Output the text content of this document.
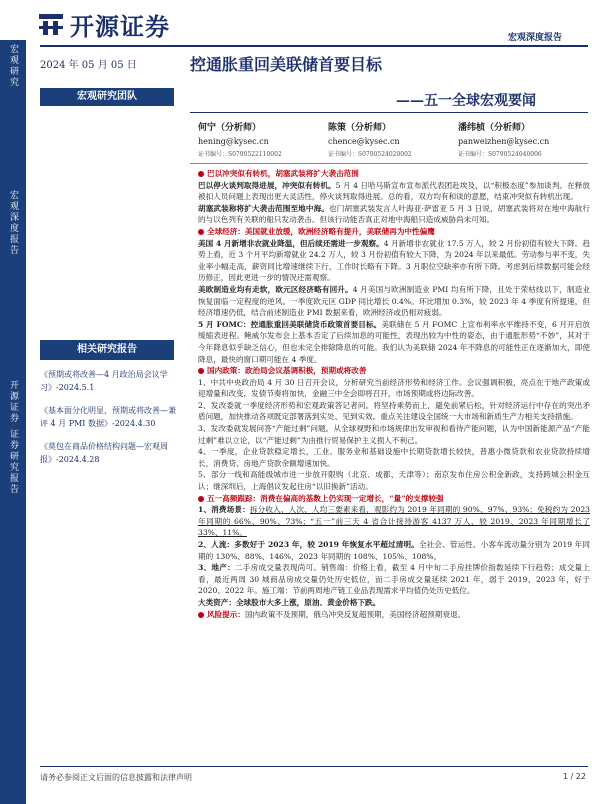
开源证券	宏观深度报告
宏观研究
宏观深度报告
开源证券 证券研究报告
2024 年 05 月 05 日
宏观研究团队
相关研究报告
《预期或将改善—4 月政治局会议学习》-2024.5.1
《基本面分化明显，预期或将改善—兼评 4 月 PMI 数据》-2024.4.30
《莫包在商品价格结构问题—宏观周报》-2024.4.28
控通胀重回美联储首要目标
——五一全球宏观要闻
何宁（分析师）
hening@kysec.cn
证书编号：S0790522110002
陈策（分析师）
chence@kysec.cn
证书编号：S0790524020002
潘纬桢（分析师）
panweizhen@kysec.cn
证书编号：S0790524040006

巴以冲突似有转机，胡塞武装将扩大袭击范围

巴以停火谈判取得进展，冲突似有转机。5 月 4 日哈马斯宣布宣布派代表团赴埃及，以“积极态度”参加谈判。在释放被扣人员问题上表现出更大灵活性，停火谈判取得进展。总的看，双方均有和谈的意愿，结束冲突似有转机出现。

胡塞武装称将扩大袭击范围至地中海。也门胡塞武装发言人叶海亚·萨雷亚 5 月 3 日说，胡塞武装将对在地中海航行的与以色列有关联的船只发动袭击。但该行动能否真正对地中海船只造成威胁尚未可知。

全球经济：美国就业放缓，欧洲经济略有提升，美联储再为中性偏鹰

美国 4 月新增非农就业降温，但后续还需进一步观察。4 月新增非农就业 17.5 万人，较 2 月份初值有较大下降。趋势上看，近 3 个月平均新增就业 24.2 万人，较 3 月份初值有较大下降，为 2024 年以来最低。劳动参与率不变，失业率小幅走高，薪资同比增速继续下行，工作时长略有下降。3 月职位空缺率亦有所下降。考虑到后续数据可能会经历修正，因此更进一步的情况还需观察。

美欧制造业均有走软，欧元区经济略有回升。4 月美国与欧洲制造业 PMI 均有所下降，且处于荣枯线以下，制造业恢复面临一定程度的逆风。一季度欧元区 GDP 同比增长 0.4%。环比增加 0.3%，较 2023 年 4 季度有所提速，但经济增速仍低，结合前述制造业 PMI 数据来看，欧洲经济或仍相对疲弱。

5 月 FOMC：控通胀重回美联储货币政策首要目标。美联储在 5 月 FOMC 上宣布利率水平维持不变，6 月开启放缓缩表进程。鲍威尔发布会上基本否定了后续加息的可能性，表现出较为中性的姿态，由于通胀形势“不妙”，其对于今年降息似乎缺乏信心，但也未完全排除降息的可能。我们认为美联储 2024 年不降息的可能性正在逐渐加大，即使降息，最快的窗口期可能在 4 季度。

国内政策：政治局会议基调积极，预期或将改善

1、中共中央政治局 4 月 30 日召开会议，分析研究当前经济形势和经济工作。会议强调积极，亮点在于地产政策或迎增量和改变，发债节奏将加快，金融三中全会即将召开，市场预期或将边际改善。

2、发改委就一季度经济形势和宏观政策答记者问。将坚持乘势而上，避免前紧后松，针对经济运行中存在的突出矛盾问题，加快推动各项既定部署落到实处、见到实效。重点关注建设全国统一大市场和新质生产力相关支持措施。

3、发改委就发展问答“产能过剩”问题。从全球视野和市场规律出发审视和看待产能问题，认为中国新能源产品“产能过剩”难以立论，以“产能过剩”为由推行贸易保护主义损人不利己。

4、一季度，企业贷款稳定增长，工业、服务业和基础设施中长期贷款增长较快，普惠小微贷款和农业贷款持续增长，消费贷、房地产贷款余额增速加快。

5、部分一线和高能级城市进一步放开限购（北京、成都、天津等）；南京发布住房公积金新政，支持跨城公积金互认；继深圳后，上海倡议发起住房“以旧换新”活动。

五一高频跟踪：消费在偏高的基数上仍实现一定增长，“量”的支撑较强

1、消费场景：拆分收入、人次、人均三要素来看，观影约为 2019 年同期的 90%、97%、93%；免税约为 2023 年同期的 66%、90%、73%；“五一”前三天 4 省合计接待游客 4137 万人，较 2019、2023 年同期增长了 33%、11%。

2、人流：多数好于 2023 年，较 2019 年恢复水平超过清明。全社会、管运性、小客车流动量分别为 2019 年同期的 130%、88%、146%，2023 年同期的 108%、105%、108%。

3、地产：二手房成交量表现尚可。销售端：价格上看，截至 4 月中旬二手房挂牌价指数延续下行趋势；成交量上看，最近两周 30 城商品房成交量仍处历史低位，而二手房成交量延续 2021 年，弱于 2019、2023 年，好于 2020、2022 年。施工端：节前两周地产链工业品表现需求平均值仍处历史低位。

大类资产：全球股市大多上涨，原油、黄金价格下跌。

风险提示：国内政策不及预期，俄乌冲突反复超预期，美国经济超预期衰退。

请务必参阅正文后面的信息披露和法律声明	1 / 22
